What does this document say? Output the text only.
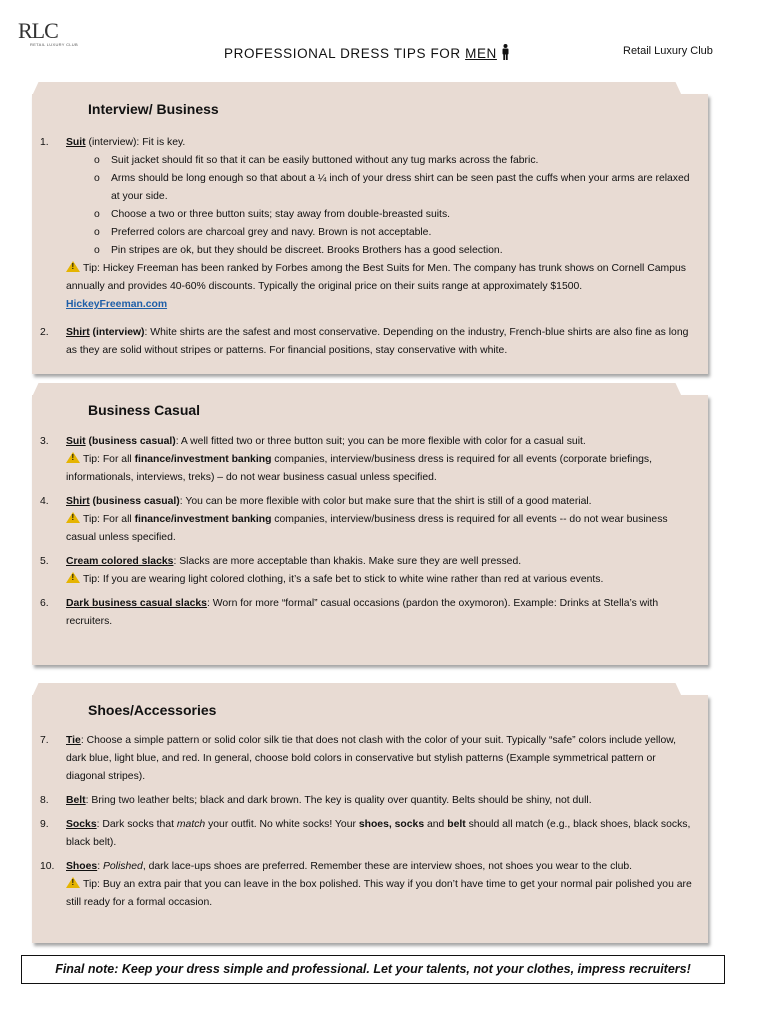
RLC
RETAIL LUXURY CLUB
PROFESSIONAL DRESS TIPS FOR MEN	Retail Luxury Club
Interview/ Business
1. Suit (interview): Fit is key.
o Suit jacket should fit so that it can be easily buttoned without any tug marks across the fabric.
o Arms should be long enough so that about a ¼ inch of your dress shirt can be seen past the cuffs when your arms are relaxed at your side.
o Choose a two or three button suits; stay away from double-breasted suits.
o Preferred colors are charcoal grey and navy. Brown is not acceptable.
o Pin stripes are ok, but they should be discreet. Brooks Brothers has a good selection.
!Tip: Hickey Freeman has been ranked by Forbes among the Best Suits for Men. The company has trunk shows on Cornell Campus annually and provides 40-60% discounts. Typically the original price on their suits range at approximately $1500.
HickeyFreeman.com
2. Shirt (interview): White shirts are the safest and most conservative. Depending on the industry, French-blue shirts are also fine as long as they are solid without stripes or patterns. For financial positions, stay conservative with white.
Business Casual
3. Suit (business casual): A well fitted two or three button suit; you can be more flexible with color for a casual suit.
!Tip: For all finance/investment banking companies, interview/business dress is required for all events (corporate briefings, informationals, interviews, treks) – do not wear business casual unless specified.
4. Shirt (business casual): You can be more flexible with color but make sure that the shirt is still of a good material.
!Tip: For all finance/investment banking companies, interview/business dress is required for all events -- do not wear business casual unless specified.
5. Cream colored slacks: Slacks are more acceptable than khakis. Make sure they are well pressed.
!Tip: If you are wearing light colored clothing, it’s a safe bet to stick to white wine rather than red at various events.
6. Dark business casual slacks: Worn for more “formal” casual occasions (pardon the oxymoron). Example: Drinks at Stella’s with recruiters.
Shoes/Accessories
7. Tie: Choose a simple pattern or solid color silk tie that does not clash with the color of your suit. Typically “safe” colors include yellow, dark blue, light blue, and red. In general, choose bold colors in conservative but stylish patterns (Example symmetrical pattern or diagonal stripes).
8. Belt: Bring two leather belts; black and dark brown. The key is quality over quantity. Belts should be shiny, not dull.
9. Socks: Dark socks that match your outfit. No white socks! Your shoes, socks and belt should all match (e.g., black shoes, black socks, black belt).
10. Shoes: Polished, dark lace-ups shoes are preferred. Remember these are interview shoes, not shoes you wear to the club.
!Tip: Buy an extra pair that you can leave in the box polished. This way if you don’t have time to get your normal pair polished you are still ready for a formal occasion.
Final note: Keep your dress simple and professional. Let your talents, not your clothes, impress recruiters!
